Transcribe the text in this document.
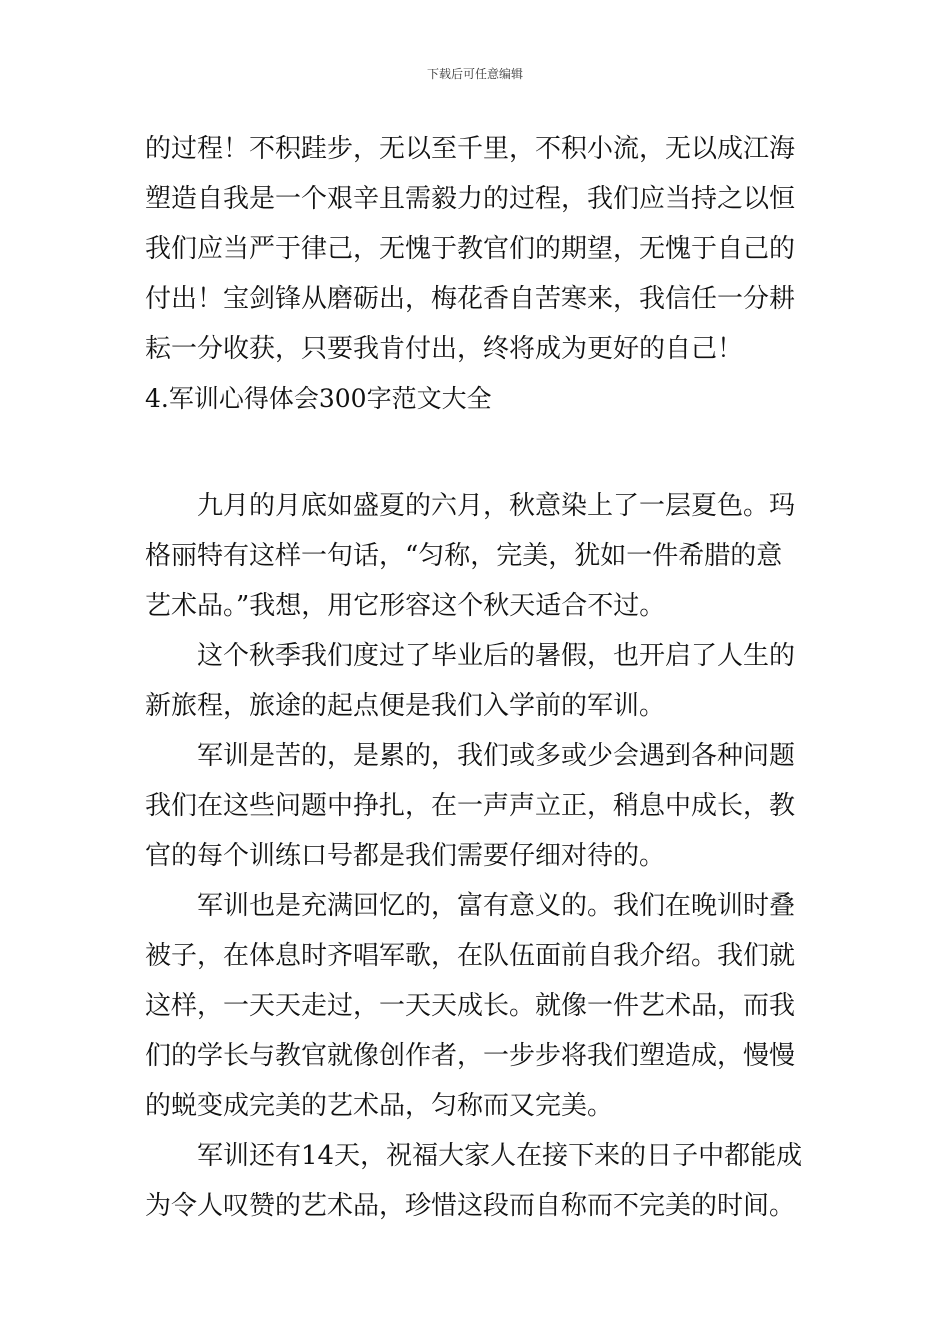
下载后可任意编辑
的过程！不积跬步，无以至千里，不积小流，无以成江海
塑造自我是一个艰辛且需毅力的过程，我们应当持之以恒
我们应当严于律己，无愧于教官们的期望，无愧于自己的
付出！宝剑锋从磨砺出，梅花香自苦寒来，我信任一分耕
耘一分收获，只要我肯付出，终将成为更好的自己！
4.军训心得体会300字范文大全
九月的月底如盛夏的六月，秋意染上了一层夏色。玛
格丽特有这样一句话，“匀称，完美，犹如一件希腊的意
艺术品。”我想，用它形容这个秋天适合不过。
这个秋季我们度过了毕业后的暑假，也开启了人生的
新旅程，旅途的起点便是我们入学前的军训。
军训是苦的，是累的，我们或多或少会遇到各种问题
我们在这些问题中挣扎，在一声声立正，稍息中成长，教
官的每个训练口号都是我们需要仔细对待的。
军训也是充满回忆的，富有意义的。我们在晚训时叠
被子，在体息时齐唱军歌，在队伍面前自我介绍。我们就
这样，一天天走过，一天天成长。就像一件艺术品，而我
们的学长与教官就像创作者，一步步将我们塑造成，慢慢
的蜕变成完美的艺术品，匀称而又完美。
军训还有14天，祝福大家人在接下来的日子中都能成
为令人叹赞的艺术品，珍惜这段而自称而不完美的时间。
